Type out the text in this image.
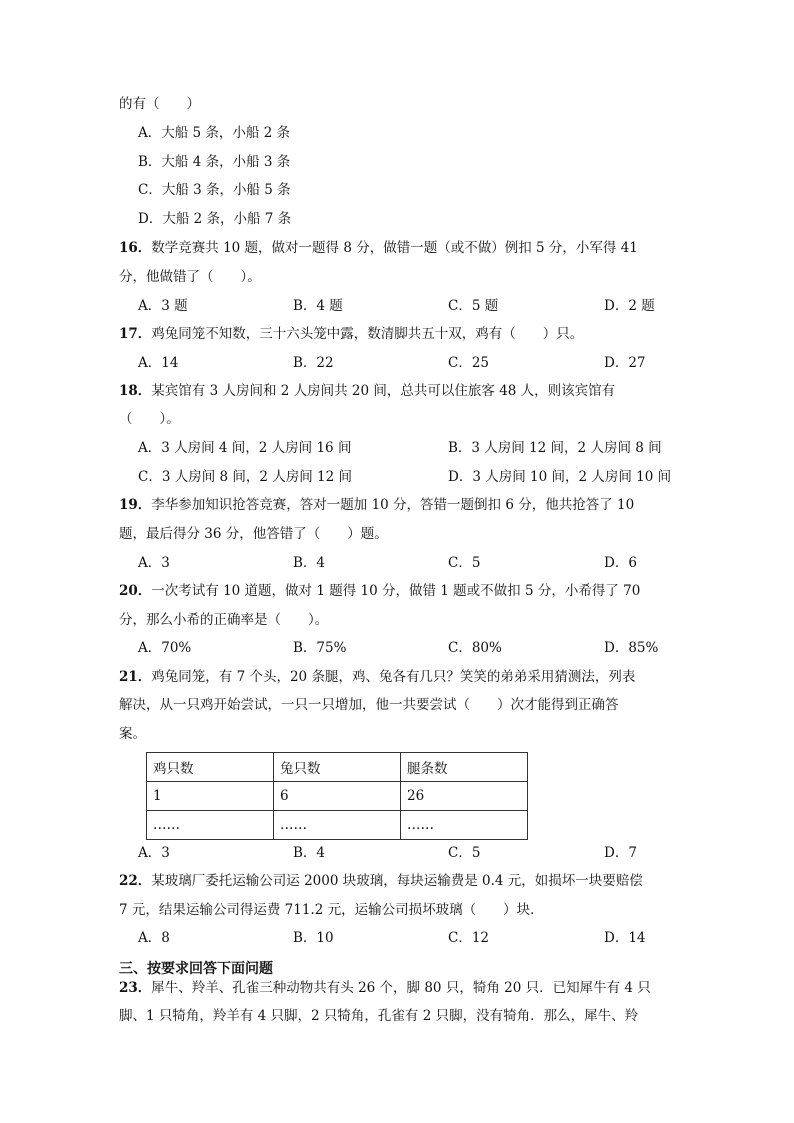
的有（　　）
A．大船 5 条，小船 2 条
B．大船 4 条，小船 3 条
C．大船 3 条，小船 5 条
D．大船 2 条，小船 7 条
16．数学竞赛共 10 题，做对一题得 8 分，做错一题（或不做）例扣 5 分，小军得 41
分，他做错了（　　）。
A．3 题	B．4 题	C．5 题	D．2 题
17．鸡兔同笼不知数，三十六头笼中露，数清脚共五十双，鸡有（　　）只。
A．14	B．22	C．25	D．27
18．某宾馆有 3 人房间和 2 人房间共 20 间，总共可以住旅客 48 人，则该宾馆有
（　　）。
A．3 人房间 4 间，2 人房间 16 间	B．3 人房间 12 间，2 人房间 8 间
C．3 人房间 8 间，2 人房间 12 间	D．3 人房间 10 间，2 人房间 10 间
19．李华参加知识抢答竞赛，答对一题加 10 分，答错一题倒扣 6 分，他共抢答了 10
题，最后得分 36 分，他答错了（　　）题。
A．3	B．4	C．5	D．6
20．一次考试有 10 道题，做对 1 题得 10 分，做错 1 题或不做扣 5 分，小希得了 70
分，那么小希的正确率是（　　）。
A．70%	B．75%	C．80%	D．85%
21．鸡兔同笼，有 7 个头，20 条腿，鸡、兔各有几只？笑笑的弟弟采用猜测法，列表
解决，从一只鸡开始尝试，一只一只增加，他一共要尝试（　　）次才能得到正确答
案。
鸡只数	兔只数	腿条数
1	6	26
……	……	……
A．3	B．4	C．5	D．7
22．某玻璃厂委托运输公司运 2000 块玻璃，每块运输费是 0.4 元，如损坏一块要赔偿
7 元，结果运输公司得运费 711.2 元，运输公司损坏玻璃（　　）块．
A．8	B．10	C．12	D．14
三、按要求回答下面问题
23．犀牛、羚羊、孔雀三种动物共有头 26 个，脚 80 只，犄角 20 只．已知犀牛有 4 只
脚、1 只犄角，羚羊有 4 只脚，2 只犄角，孔雀有 2 只脚，没有犄角．那么，犀牛、羚
